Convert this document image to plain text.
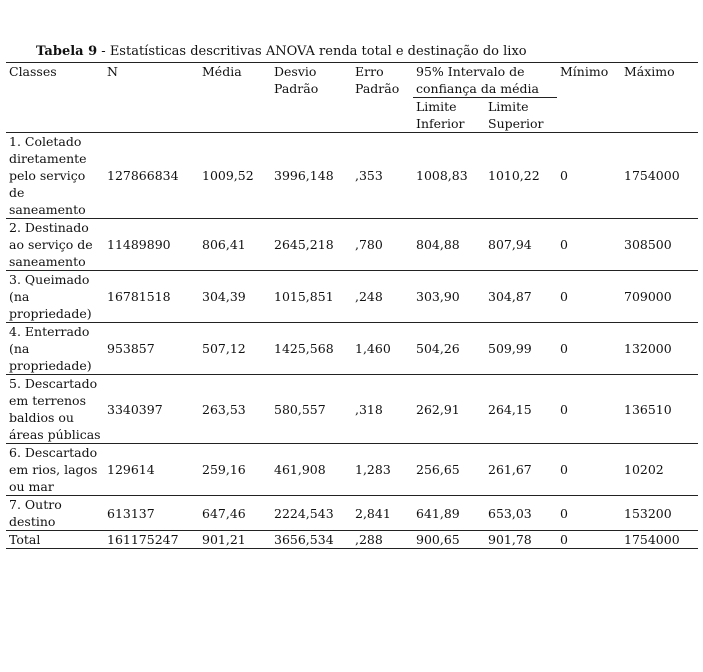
Tabela 9 - Estatísticas descritivas ANOVA renda total e destinação do lixo
Classes	N	Média	Desvio Padrão	Erro Padrão	95% Intervalo de confiança da média		Mínimo	Máximo
					Limite Inferior	Limite Superior		
1. Coletado diretamente pelo serviço de saneamento	127866834	1009,52	3996,148	,353	1008,83	1010,22	0	1754000
2. Destinado ao serviço de saneamento	11489890	806,41	2645,218	,780	804,88	807,94	0	308500
3. Queimado (na propriedade)	16781518	304,39	1015,851	,248	303,90	304,87	0	709000
4. Enterrado (na propriedade)	953857	507,12	1425,568	1,460	504,26	509,99	0	132000
5. Descartado em terrenos baldios ou áreas públicas	3340397	263,53	580,557	,318	262,91	264,15	0	136510
6. Descartado em rios, lagos ou mar	129614	259,16	461,908	1,283	256,65	261,67	0	10202
7. Outro destino	613137	647,46	2224,543	2,841	641,89	653,03	0	153200
Total	161175247	901,21	3656,534	,288	900,65	901,78	0	1754000
